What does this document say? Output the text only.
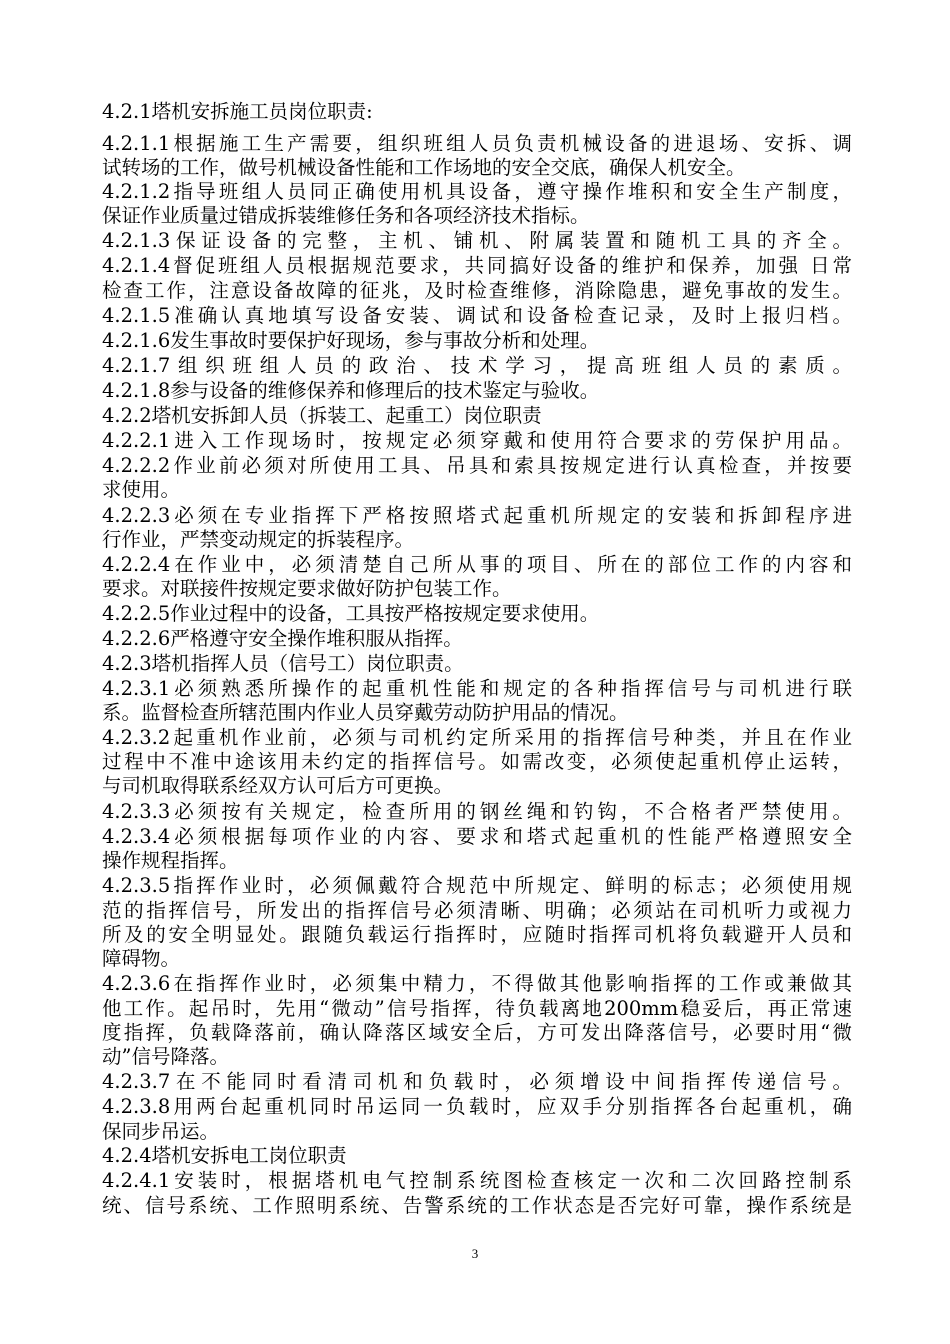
4.2.1塔机安拆施工员岗位职责:
4.2.1.1根据施工生产需要，组织班组人员负责机械设备的进退场、安拆、调
试转场的工作，做号机械设备性能和工作场地的安全交底，确保人机安全。
4.2.1.2指导班组人员同正确使用机具设备，遵守操作堆积和安全生产制度，
保证作业质量过错成拆装维修任务和各项经济技术指标。
4.2.1.3保证设备的完整，主机、铺机、附属装置和随机工具的齐全。
4.2.1.4督促班组人员根据规范要求，共同搞好设备的维护和保养，加强 日常
检查工作，注意设备故障的征兆，及时检查维修，消除隐患，避免事故的发生。
4.2.1.5准确认真地填写设备安装、调试和设备检查记录，及时上报归档。
4.2.1.6发生事故时要保护好现场，参与事故分析和处理。
4.2.1.7组织班组人员的政治、技术学习，提高班组人员的素质。
4.2.1.8参与设备的维修保养和修理后的技术鉴定与验收。
4.2.2塔机安拆卸人员（拆装工、起重工）岗位职责
4.2.2.1进入工作现场时，按规定必须穿戴和使用符合要求的劳保护用品。
4.2.2.2作业前必须对所使用工具、吊具和索具按规定进行认真检查，并按要
求使用。
4.2.2.3必须在专业指挥下严格按照塔式起重机所规定的安装和拆卸程序进
行作业，严禁变动规定的拆装程序。
4.2.2.4在作业中，必须清楚自己所从事的项目、所在的部位工作的内容和
要求。对联接件按规定要求做好防护包装工作。
4.2.2.5作业过程中的设备，工具按严格按规定要求使用。
4.2.2.6严格遵守安全操作堆积服从指挥。
4.2.3塔机指挥人员（信号工）岗位职责。
4.2.3.1必须熟悉所操作的起重机性能和规定的各种指挥信号与司机进行联
系。监督检查所辖范围内作业人员穿戴劳动防护用品的情况。
4.2.3.2起重机作业前，必须与司机约定所采用的指挥信号种类，并且在作业
过程中不准中途该用未约定的指挥信号。如需改变，必须使起重机停止运转，
与司机取得联系经双方认可后方可更换。
4.2.3.3必须按有关规定，检查所用的钢丝绳和钓钩，不合格者严禁使用。
4.2.3.4必须根据每项作业的内容、要求和塔式起重机的性能严格遵照安全
操作规程指挥。
4.2.3.5指挥作业时，必须佩戴符合规范中所规定、鲜明的标志；必须使用规
范的指挥信号，所发出的指挥信号必须清晰、明确；必须站在司机听力或视力
所及的安全明显处。跟随负载运行指挥时，应随时指挥司机将负载避开人员和
障碍物。
4.2.3.6在指挥作业时，必须集中精力，不得做其他影响指挥的工作或兼做其
他工作。起吊时，先用“微动”信号指挥，待负载离地200mm稳妥后，再正常速
度指挥，负载降落前，确认降落区域安全后，方可发出降落信号，必要时用“微
动”信号降落。
4.2.3.7在不能同时看清司机和负载时，必须增设中间指挥传递信号。
4.2.3.8用两台起重机同时吊运同一负载时，应双手分别指挥各台起重机，确
保同步吊运。
4.2.4塔机安拆电工岗位职责
4.2.4.1安装时，根据塔机电气控制系统图检查核定一次和二次回路控制系
统、信号系统、工作照明系统、告警系统的工作状态是否完好可靠，操作系统是
3
